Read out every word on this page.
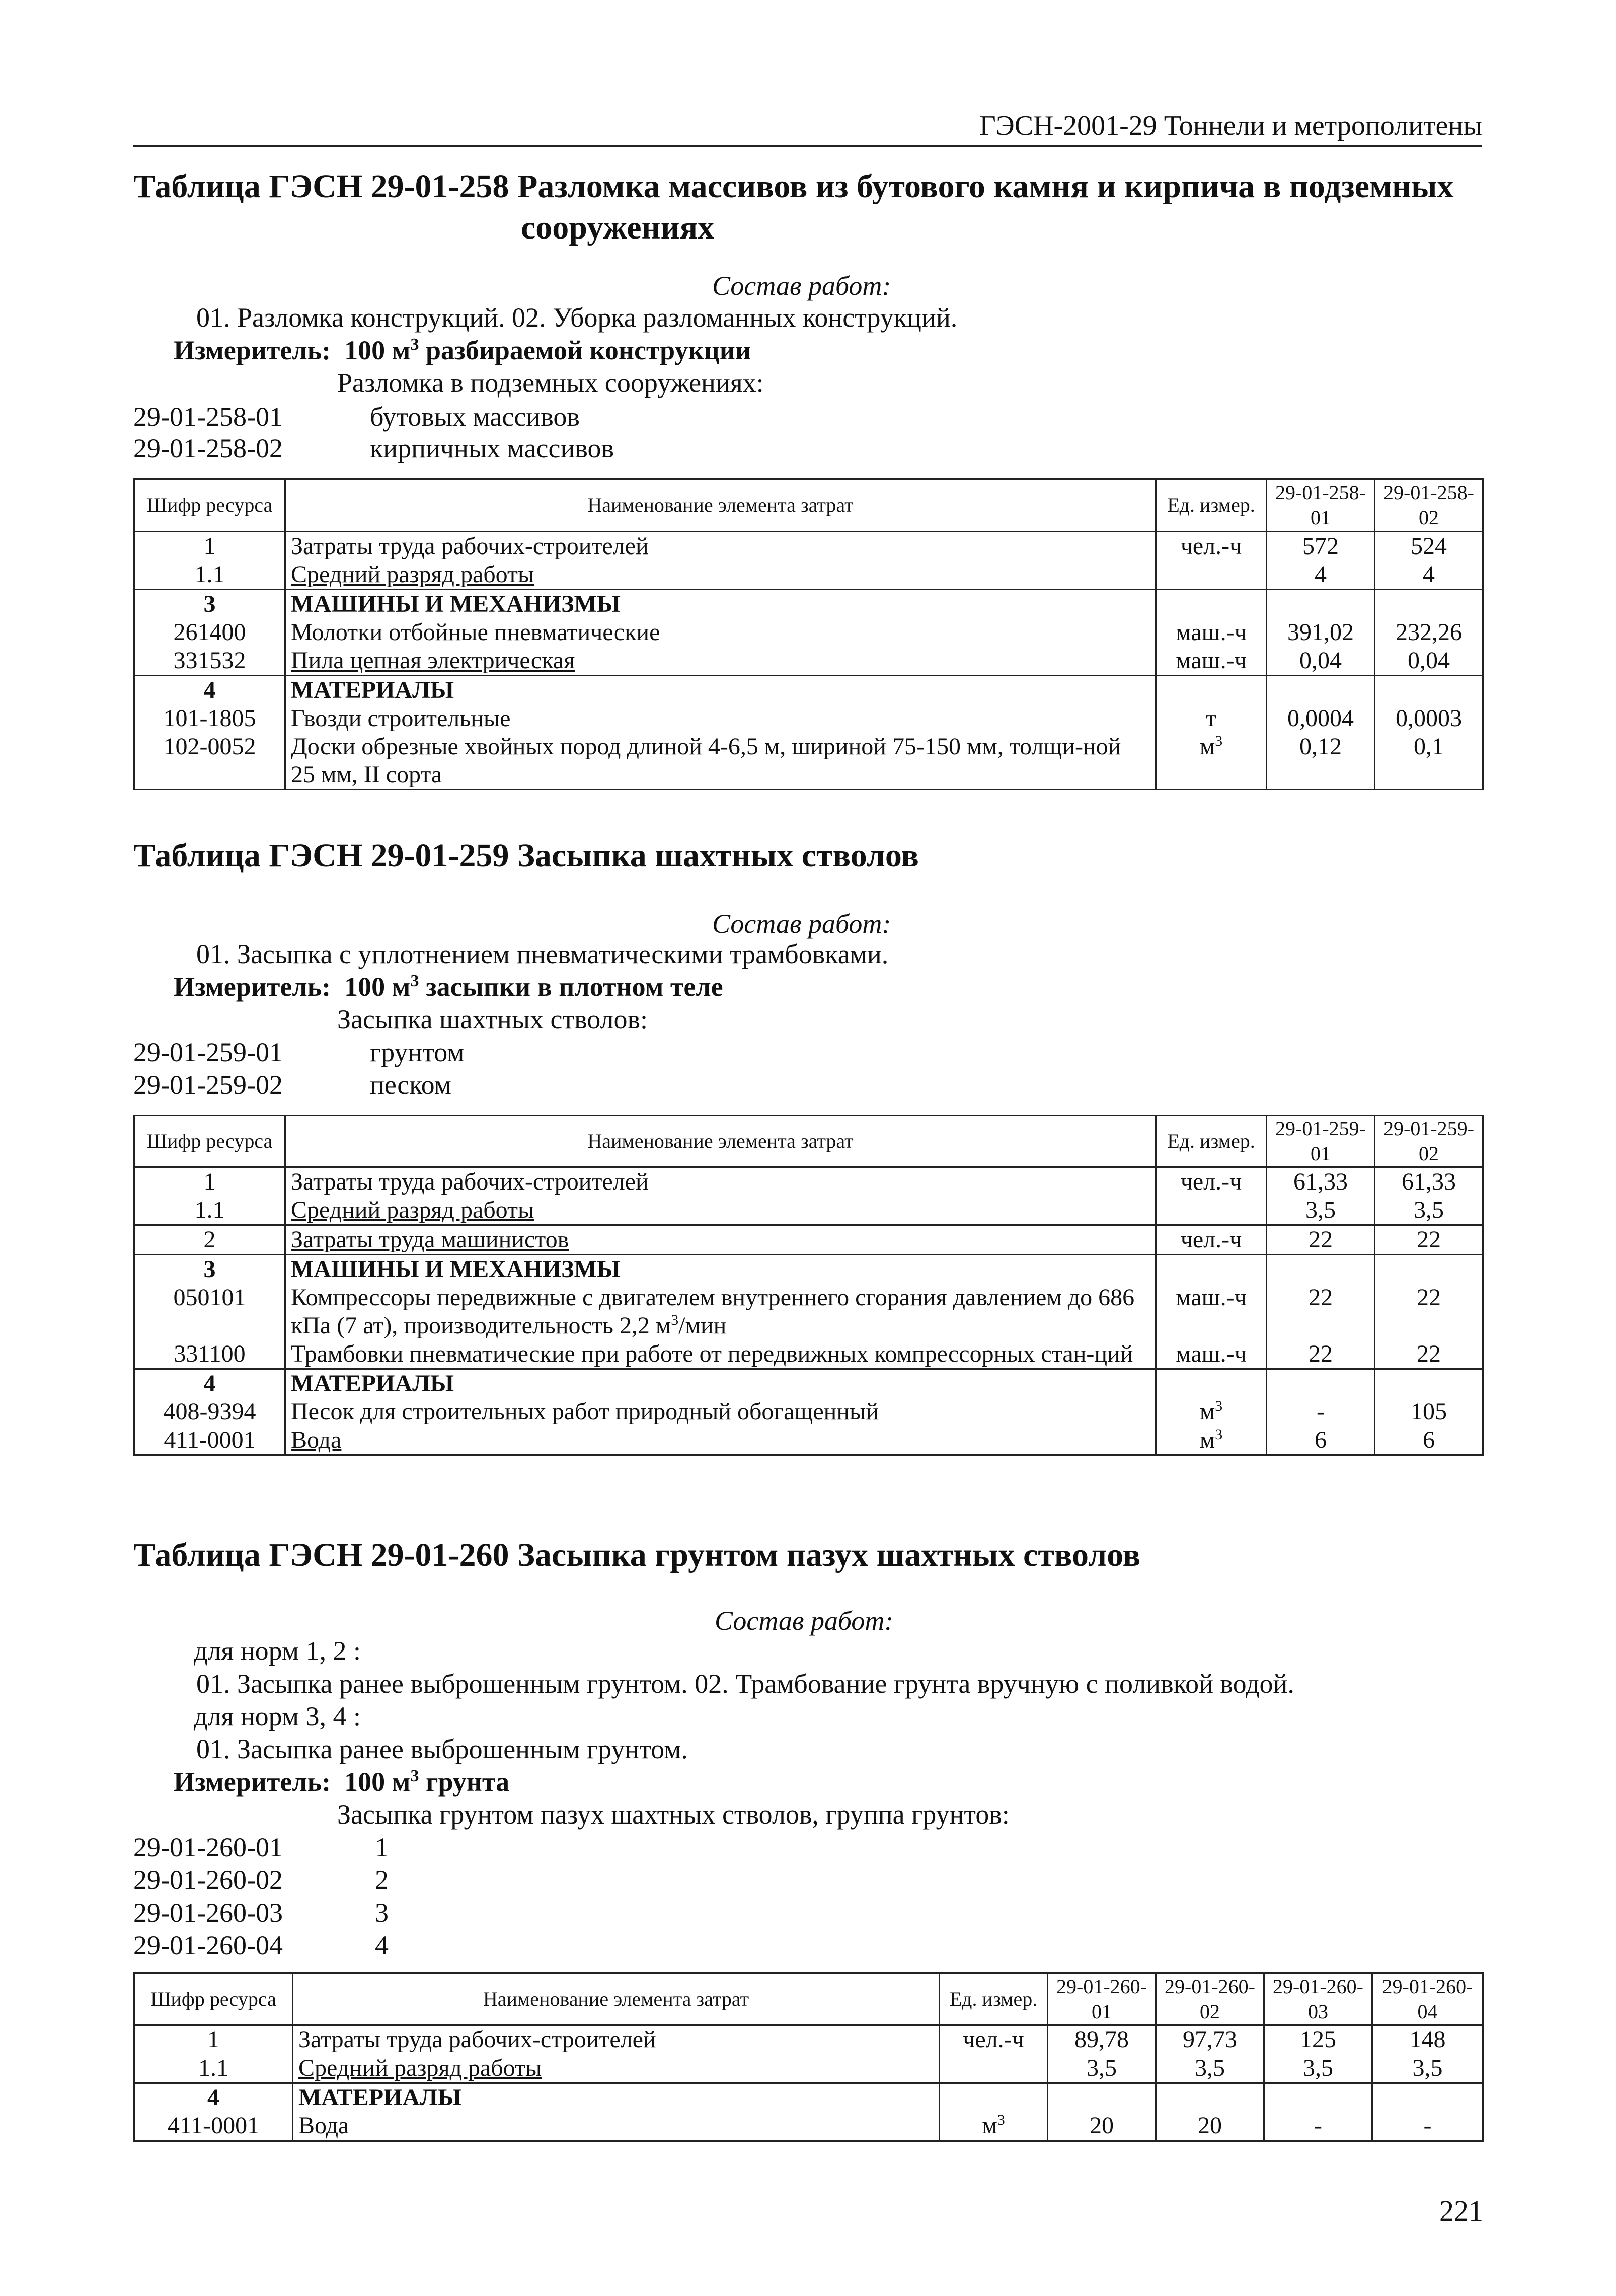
ГЭСН-2001-29 Тоннели и метрополитены
Таблица ГЭСН 29-01-258 Разломка массивов из бутового камня и кирпича в подземных
сооружениях
Состав работ:
01. Разломка конструкций. 02. Уборка разломанных конструкций.
Измеритель: 100 $м^3$ разбираемой конструкции
Разломка в подземных сооружениях:
29-01-258-01	бутовых массивов
29-01-258-02	кирпичных массивов
Шифр ресурса	Наименование элемента затрат	Ед. измер.	29-01-258-01	29-01-258-02
1	Затраты труда рабочих-строителей	чел.-ч	572	524
1.1	Средний разряд работы		4	4
3	МАШИНЫ И МЕХАНИЗМЫ			
261400	Молотки отбойные пневматические	маш.-ч	391,02	232,26
331532	Пила цепная электрическая	маш.-ч	0,04	0,04
4	МАТЕРИАЛЫ			
101-1805	Гвозди строительные	т	0,0004	0,0003
102-0052	Доски обрезные хвойных пород длиной 4-6,5 м, шириной 75-150 мм, толщи-ной 25 мм, II сорта	$м^3$	0,12	0,1
Таблица ГЭСН 29-01-259 Засыпка шахтных стволов
Состав работ:
01. Засыпка с уплотнением пневматическими трамбовками.
Измеритель: 100 $м^3$ засыпки в плотном теле
Засыпка шахтных стволов:
29-01-259-01	грунтом
29-01-259-02	песком
Шифр ресурса	Наименование элемента затрат	Ед. измер.	29-01-259-01	29-01-259-02
1	Затраты труда рабочих-строителей	чел.-ч	61,33	61,33
1.1	Средний разряд работы		3,5	3,5
2	Затраты труда машинистов	чел.-ч	22	22
3	МАШИНЫ И МЕХАНИЗМЫ			
050101	Компрессоры передвижные с двигателем внутреннего сгорания давлением до 686 кПа (7 ат), производительность 2,2 $м^3$/мин	маш.-ч	22	22
331100	Трамбовки пневматические при работе от передвижных компрессорных стан-ций	маш.-ч	22	22
4	МАТЕРИАЛЫ			
408-9394	Песок для строительных работ природный обогащенный	$м^3$	-	105
411-0001	Вода	$м^3$	6	6
Таблица ГЭСН 29-01-260 Засыпка грунтом пазух шахтных стволов
Состав работ:
для норм 1, 2 :
01. Засыпка ранее выброшенным грунтом. 02. Трамбование грунта вручную с поливкой водой.
для норм 3, 4 :
01. Засыпка ранее выброшенным грунтом.
Измеритель: 100 $м^3$ грунта
Засыпка грунтом пазух шахтных стволов, группа грунтов:
29-01-260-01	1
29-01-260-02	2
29-01-260-03	3
29-01-260-04	4
Шифр ресурса	Наименование элемента затрат	Ед. измер.	29-01-260-01	29-01-260-02	29-01-260-03	29-01-260-04
1	Затраты труда рабочих-строителей	чел.-ч	89,78	97,73	125	148
1.1	Средний разряд работы		3,5	3,5	3,5	3,5
4	МАТЕРИАЛЫ					
411-0001	Вода	$м^3$	20	20	-	-
221
